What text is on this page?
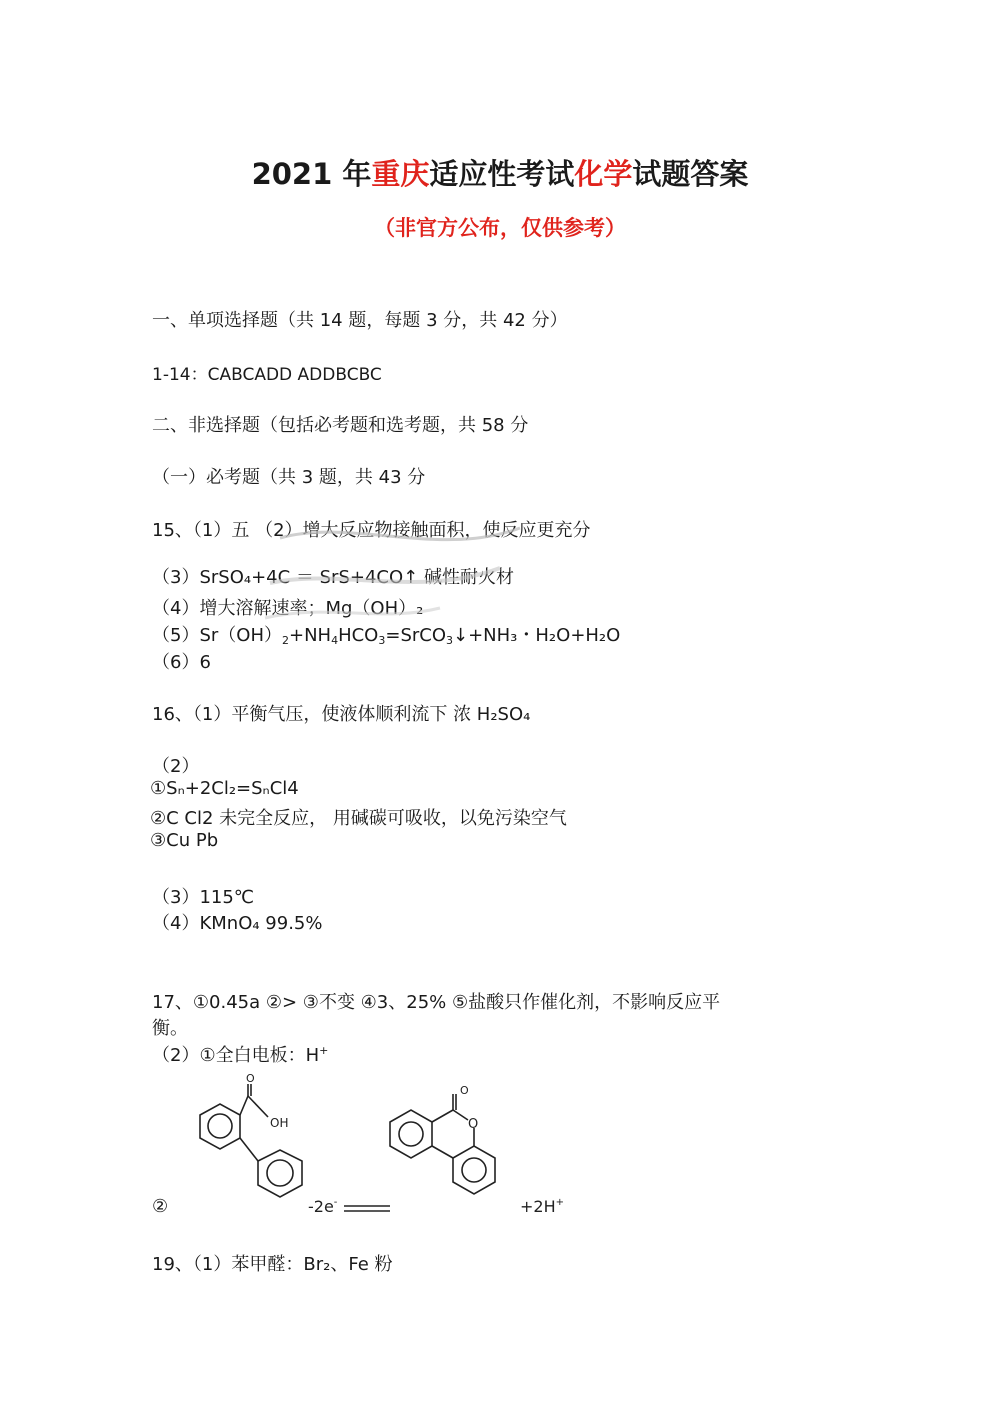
2021 年重庆适应性考试化学试题答案
（非官方公布，仅供参考）
一、单项选择题（共 14 题，每题 3 分，共 42 分）
1-14：CABCADD ADDBCBC
二、非选择题（包括必考题和选考题，共 58 分
（一）必考题（共 3 题，共 43 分
15、（1）五 （2）增大反应物接触面积，使反应更充分
（3）SrSO₄+4C ＝ SrS+4CO↑ 碱性耐火材
（4）增大溶解速率；Mg（OH）₂
$(5)Sr(OH)_2+NH_4HCO_3=SrCO_3↓+NH_3$・H₂O+H₂O
（6）6
16、（1）平衡气压，使液体顺利流下 浓 H₂SO₄
（2）
①Sₙ+2Cl₂=SₙCl4
②C Cl2 未完全反应， 用碱碳可吸收，以免污染空气
③Cu Pb
（3）115℃
（4）KMnO₄ 99.5%
17、①0.45a ②> ③不变 ④3、25% ⑤盐酸只作催化剂，不影响反应平
衡。
（2）①全白电板：H+
O
OH
-2e-
O
O
+2H+
②
19、（1）苯甲醛：Br₂、Fe 粉
